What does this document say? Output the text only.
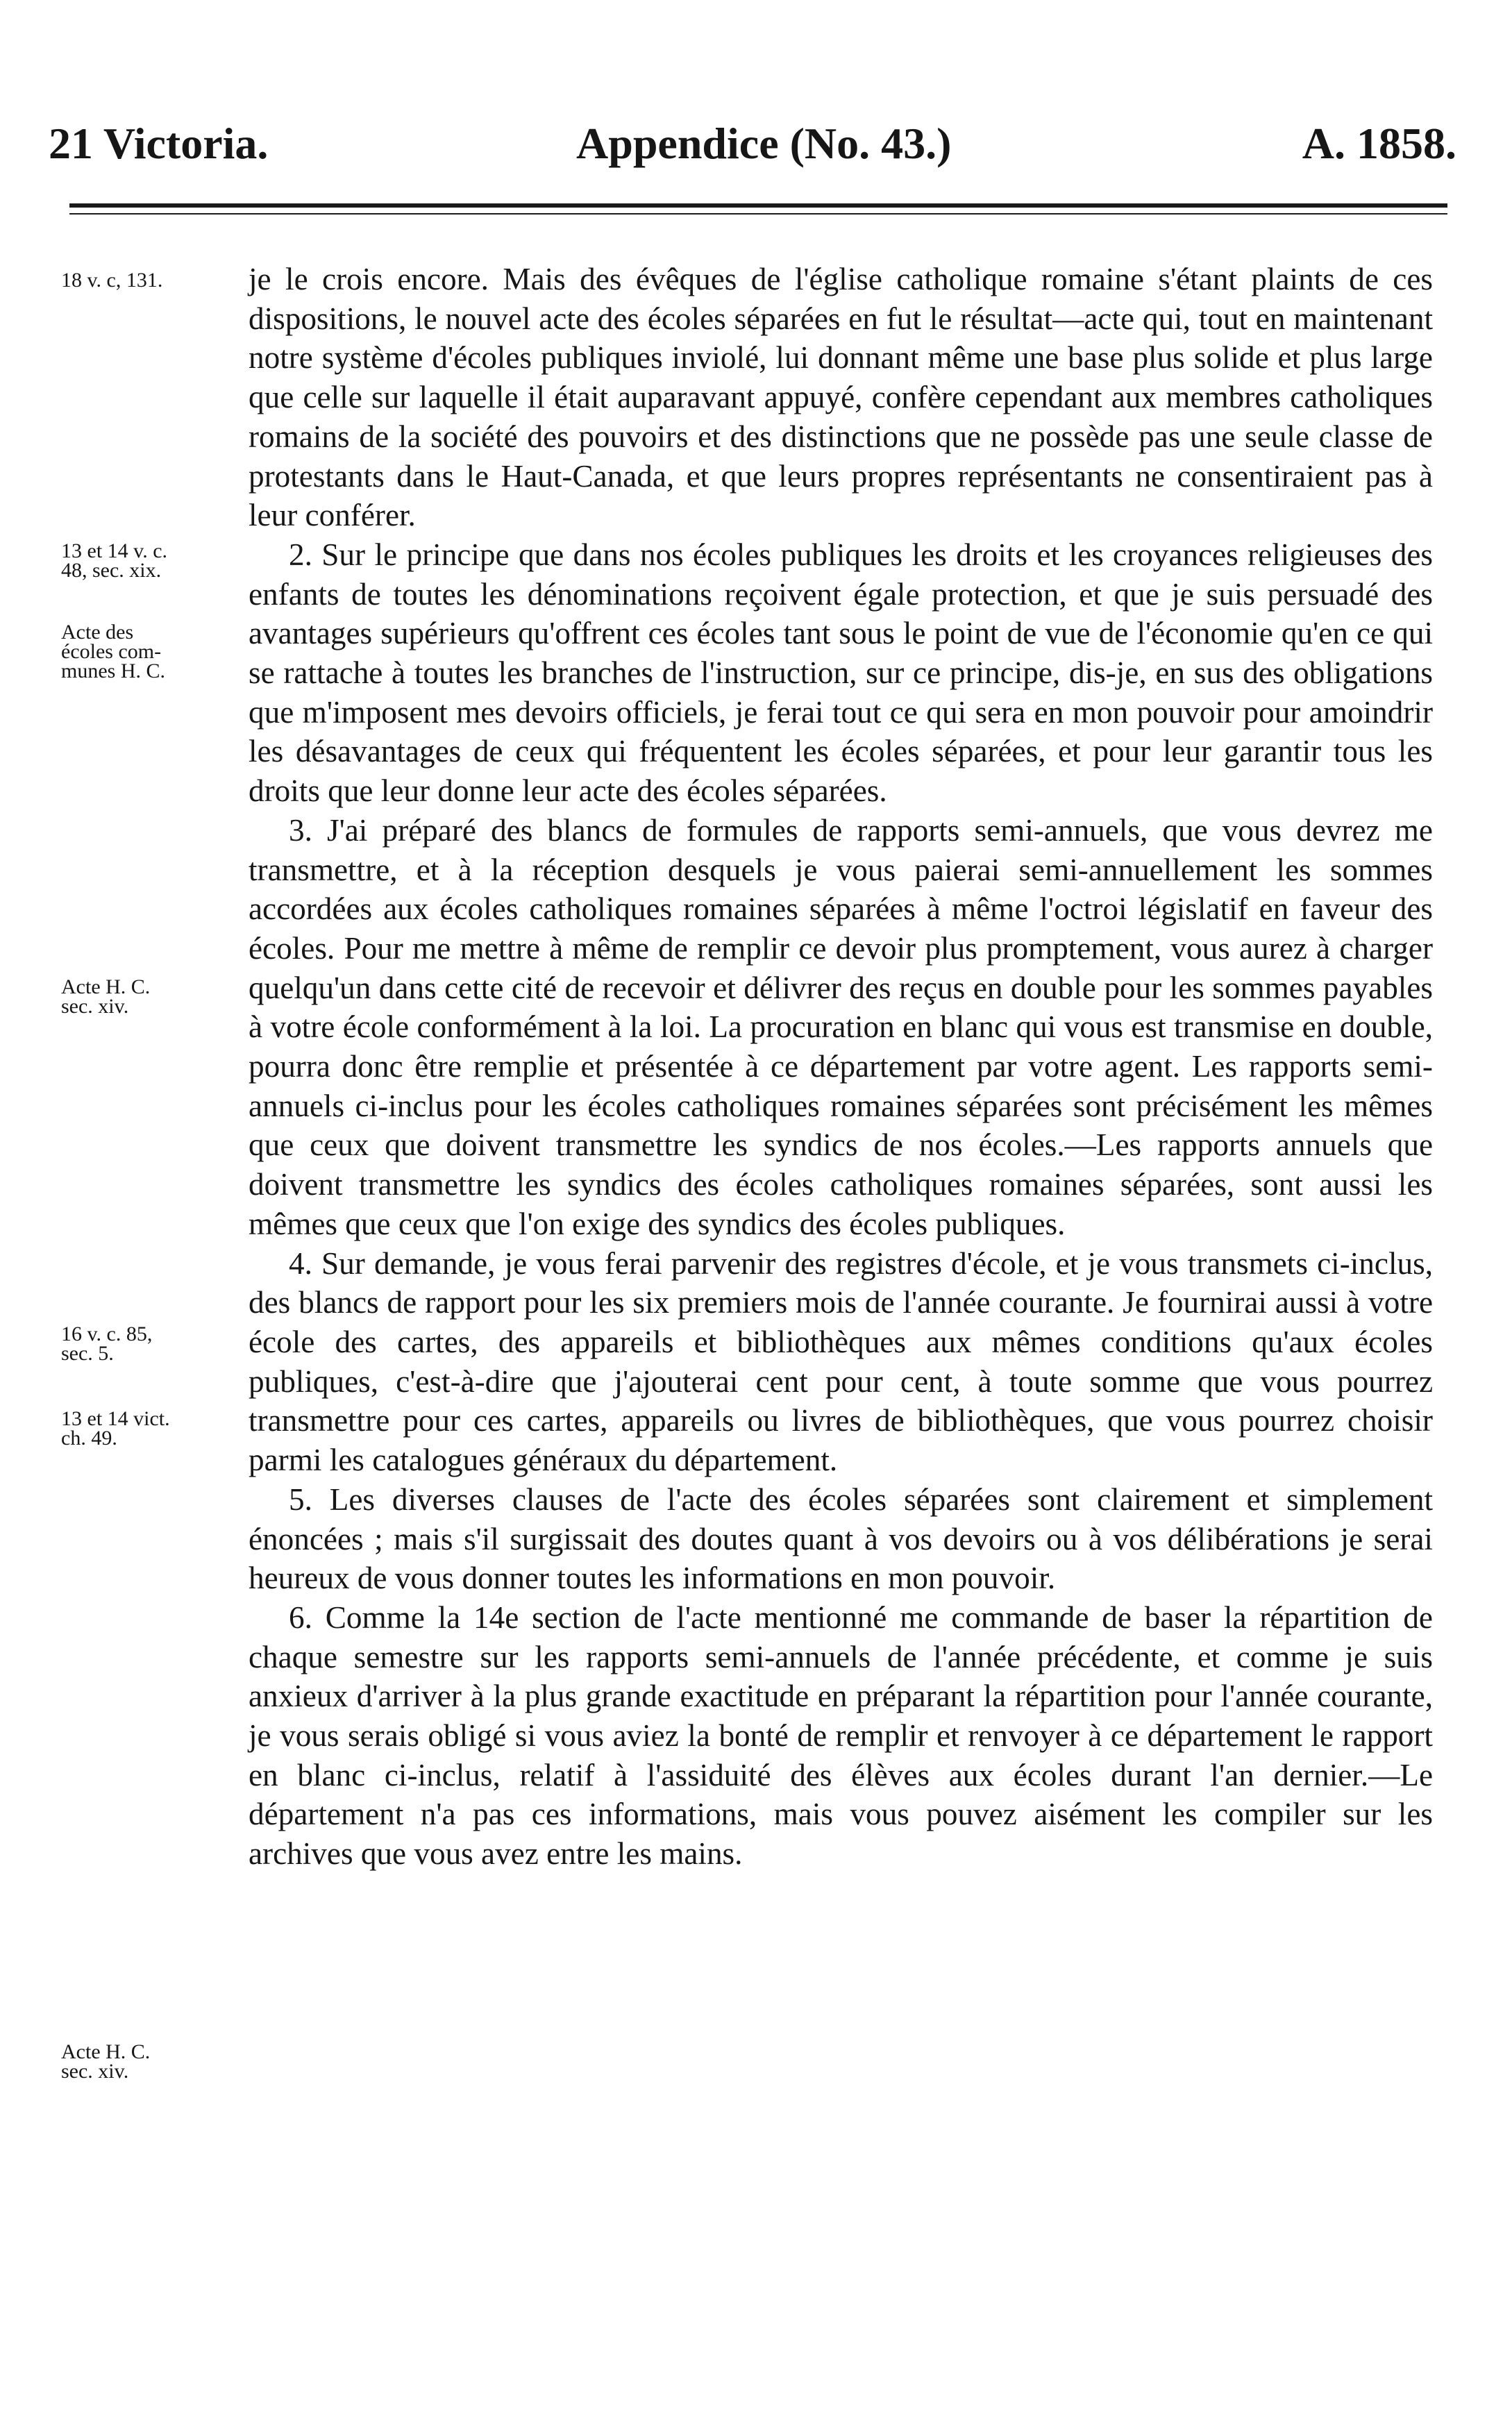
21 Victoria.	Appendice (No. 43.)	A. 1858.
18 v. c, 131.
13 et 14 v. c.
48, sec. xix.
Acte des
écoles com-
munes H. C.
Acte H. C.
sec. xiv.
16 v. c. 85,
sec. 5.
13 et 14 vict.
ch. 49.
Acte H. C.
sec. xiv.

je le crois encore. Mais des évêques de l'église catholique romaine s'étant plaints de ces dispositions, le nouvel acte des écoles séparées en fut le résultat—acte qui, tout en maintenant notre système d'écoles publiques inviolé, lui donnant même une base plus solide et plus large que celle sur laquelle il était auparavant appuyé, confère cependant aux membres catholiques romains de la société des pouvoirs et des distinctions que ne possède pas une seule classe de protestants dans le Haut-Canada, et que leurs propres représentants ne consentiraient pas à leur conférer.

2. Sur le principe que dans nos écoles publiques les droits et les croyances religieuses des enfants de toutes les dénominations reçoivent égale protection, et que je suis persuadé des avantages supérieurs qu'offrent ces écoles tant sous le point de vue de l'économie qu'en ce qui se rattache à toutes les branches de l'instruction, sur ce principe, dis-je, en sus des obligations que m'imposent mes devoirs officiels, je ferai tout ce qui sera en mon pouvoir pour amoindrir les désavantages de ceux qui fréquentent les écoles séparées, et pour leur garantir tous les droits que leur donne leur acte des écoles séparées.

3. J'ai préparé des blancs de formules de rapports semi-annuels, que vous devrez me transmettre, et à la réception desquels je vous paierai semi-annuellement les sommes accordées aux écoles catholiques romaines séparées à même l'octroi législatif en faveur des écoles. Pour me mettre à même de remplir ce devoir plus promptement, vous aurez à charger quelqu'un dans cette cité de recevoir et délivrer des reçus en double pour les sommes payables à votre école conformément à la loi. La procuration en blanc qui vous est transmise en double, pourra donc être remplie et présentée à ce département par votre agent. Les rapports semi-annuels ci-inclus pour les écoles catholiques romaines séparées sont précisément les mêmes que ceux que doivent transmettre les syndics de nos écoles.—Les rapports annuels que doivent transmettre les syndics des écoles catholiques romaines séparées, sont aussi les mêmes que ceux que l'on exige des syndics des écoles publiques.

4. Sur demande, je vous ferai parvenir des registres d'école, et je vous transmets ci-inclus, des blancs de rapport pour les six premiers mois de l'année courante. Je fournirai aussi à votre école des cartes, des appareils et bibliothèques aux mêmes conditions qu'aux écoles publiques, c'est-à-dire que j'ajouterai cent pour cent, à toute somme que vous pourrez transmettre pour ces cartes, appareils ou livres de bibliothèques, que vous pourrez choisir parmi les catalogues généraux du département.

5. Les diverses clauses de l'acte des écoles séparées sont clairement et simplement énoncées ; mais s'il surgissait des doutes quant à vos devoirs ou à vos délibérations je serai heureux de vous donner toutes les informations en mon pouvoir.

6. Comme la 14e section de l'acte mentionné me commande de baser la répartition de chaque semestre sur les rapports semi-annuels de l'année précédente, et comme je suis anxieux d'arriver à la plus grande exactitude en préparant la répartition pour l'année courante, je vous serais obligé si vous aviez la bonté de remplir et renvoyer à ce département le rapport en blanc ci-inclus, relatif à l'assiduité des élèves aux écoles durant l'an dernier.—Le département n'a pas ces informations, mais vous pouvez aisément les compiler sur les archives que vous avez entre les mains.
